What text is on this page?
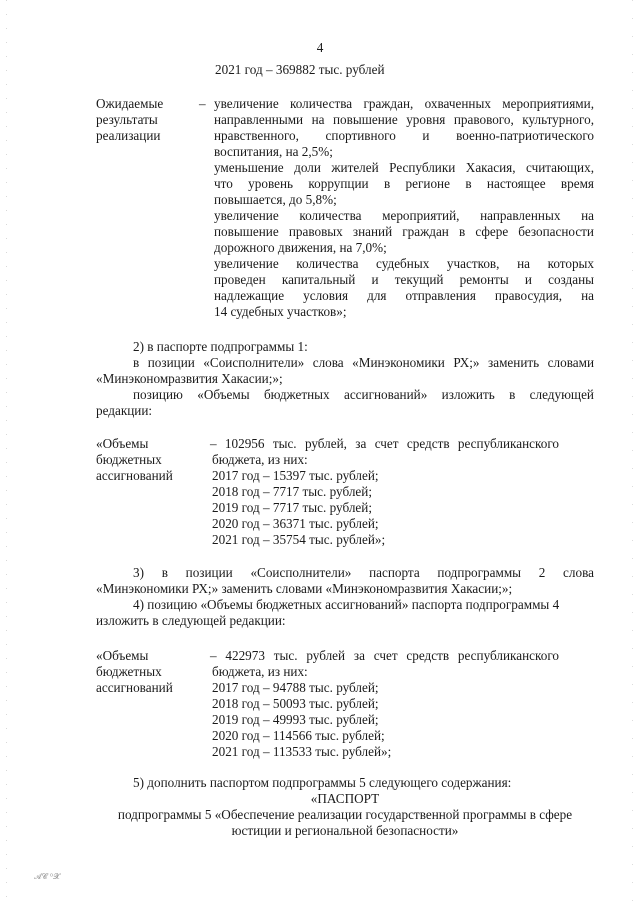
4
2021 год – 369882 тыс. рублей
Ожидаемые
результаты
реализации
– увеличение количества граждан, охваченных мероприятиями,
направленными на повышение уровня правового, культурного,
нравственного, спортивного и военно-патриотического
воспитания, на 2,5%;
уменьшение доли жителей Республики Хакасия, считающих,
что уровень коррупции в регионе в настоящее время
повышается, до 5,8%;
увеличение количества мероприятий, направленных на
повышение правовых знаний граждан в сфере безопасности
дорожного движения, на 7,0%;
увеличение количества судебных участков, на которых
проведен капитальный и текущий ремонты и созданы
надлежащие условия для отправления правосудия, на
14 судебных участков»;
2) в паспорте подпрограммы 1:
в позиции «Соисполнители» слова «Минэкономики РХ;» заменить словами
«Минэкономразвития Хакасии;»;
позицию «Объемы бюджетных ассигнований» изложить в следующей
редакции:
«Объемы
бюджетных
ассигнований
– 102956 тыс. рублей, за счет средств республиканского
бюджета, из них:
2017 год – 15397 тыс. рублей;
2018 год – 7717 тыс. рублей;
2019 год – 7717 тыс. рублей;
2020 год – 36371 тыс. рублей;
2021 год – 35754 тыс. рублей»;
3) в позиции «Соисполнители» паспорта подпрограммы 2 слова
«Минэкономики РХ;» заменить словами «Минэкономразвития Хакасии;»;
4) позицию «Объемы бюджетных ассигнований» паспорта подпрограммы 4
изложить в следующей редакции:
«Объемы
бюджетных
ассигнований
– 422973 тыс. рублей за счет средств республиканского
бюджета, из них:
2017 год – 94788 тыс. рублей;
2018 год – 50093 тыс. рублей;
2019 год – 49993 тыс. рублей;
2020 год – 114566 тыс. рублей;
2021 год – 113533 тыс. рублей»;
5) дополнить паспортом подпрограммы 5 следующего содержания:
«ПАСПОРТ
подпрограммы 5 «Обеспечение реализации государственной программы в сфере
юстиции и региональной безопасности»
𝓐𝓒 ⁰𝓧
